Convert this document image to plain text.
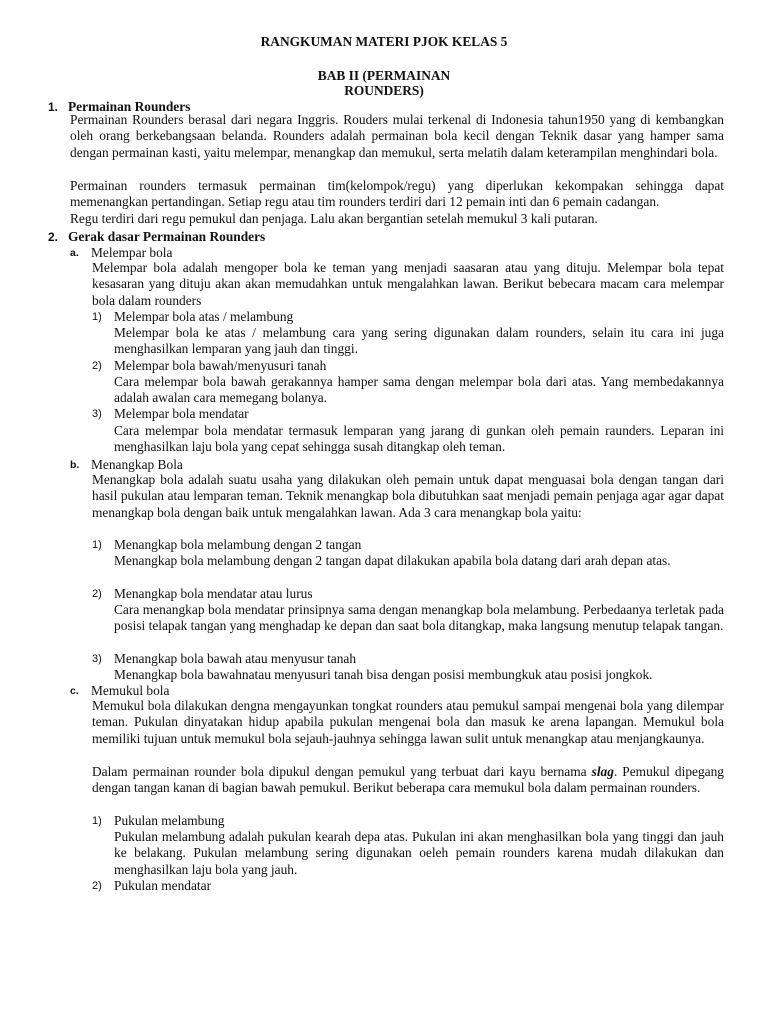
RANGKUMAN MATERI PJOK KELAS 5
BAB II (PERMAINAN
ROUNDERS)
1. Permainan Rounders

Permainan Rounders berasal dari negara Inggris. Rouders mulai terkenal di Indonesia tahun1950 yang di kembangkan oleh orang berkebangsaan belanda. Rounders adalah permainan bola kecil dengan Teknik dasar yang hamper sama dengan permainan kasti, yaitu melempar, menangkap dan memukul, serta melatih dalam keterampilan menghindari bola.

Permainan rounders termasuk permainan tim(kelompok/regu) yang diperlukan kekompakan sehingga dapat memenangkan pertandingan. Setiap regu atau tim rounders terdiri dari 12 pemain inti dan 6 pemain cadangan.

Regu terdiri dari regu pemukul dan penjaga. Lalu akan bergantian setelah memukul 3 kali putaran.

2. Gerak dasar Permainan Rounders
a. Melempar bola

Melempar bola adalah mengoper bola ke teman yang menjadi saasaran atau yang dituju. Melempar bola tepat kesasaran yang dituju akan akan memudahkan untuk mengalahkan lawan. Berikut bebecara macam cara melempar bola dalam rounders

1) Melempar bola atas / melambung

Melempar bola ke atas / melambung cara yang sering digunakan dalam rounders, selain itu cara ini juga menghasilkan lemparan yang jauh dan tinggi.

2) Melempar bola bawah/menyusuri tanah

Cara melempar bola bawah gerakannya hamper sama dengan melempar bola dari atas. Yang membedakannya adalah awalan cara memegang bolanya.

3) Melempar bola mendatar

Cara melempar bola mendatar termasuk lemparan yang jarang di gunkan oleh pemain raunders. Leparan ini menghasilkan laju bola yang cepat sehingga susah ditangkap oleh teman.

b. Menangkap Bola

Menangkap bola adalah suatu usaha yang dilakukan oleh pemain untuk dapat menguasai bola dengan tangan dari hasil pukulan atau lemparan teman. Teknik menangkap bola dibutuhkan saat menjadi pemain penjaga agar agar dapat menangkap bola dengan baik untuk mengalahkan lawan. Ada 3 cara menangkap bola yaitu:

1) Menangkap bola melambung dengan 2 tangan

Menangkap bola melambung dengan 2 tangan dapat dilakukan apabila bola datang dari arah depan atas.

2) Menangkap bola mendatar atau lurus

Cara menangkap bola mendatar prinsipnya sama dengan menangkap bola melambung. Perbedaanya terletak pada posisi telapak tangan yang menghadap ke depan dan saat bola ditangkap, maka langsung menutup telapak tangan.

3) Menangkap bola bawah atau menyusur tanah

Menangkap bola bawahnatau menyusuri tanah bisa dengan posisi membungkuk atau posisi jongkok.

c. Memukul bola

Memukul bola dilakukan dengna mengayunkan tongkat rounders atau pemukul sampai mengenai bola yang dilempar teman. Pukulan dinyatakan hidup apabila pukulan mengenai bola dan masuk ke arena lapangan. Memukul bola memiliki tujuan untuk memukul bola sejauh-jauhnya sehingga lawan sulit untuk menangkap atau menjangkaunya.

Dalam permainan rounder bola dipukul dengan pemukul yang terbuat dari kayu bernama slag. Pemukul dipegang dengan tangan kanan di bagian bawah pemukul. Berikut beberapa cara memukul bola dalam permainan rounders.

1) Pukulan melambung

Pukulan melambung adalah pukulan kearah depa atas. Pukulan ini akan menghasilkan bola yang tinggi dan jauh ke belakang. Pukulan melambung sering digunakan oeleh pemain rounders karena mudah dilakukan dan menghasilkan laju bola yang jauh.

2) Pukulan mendatar
